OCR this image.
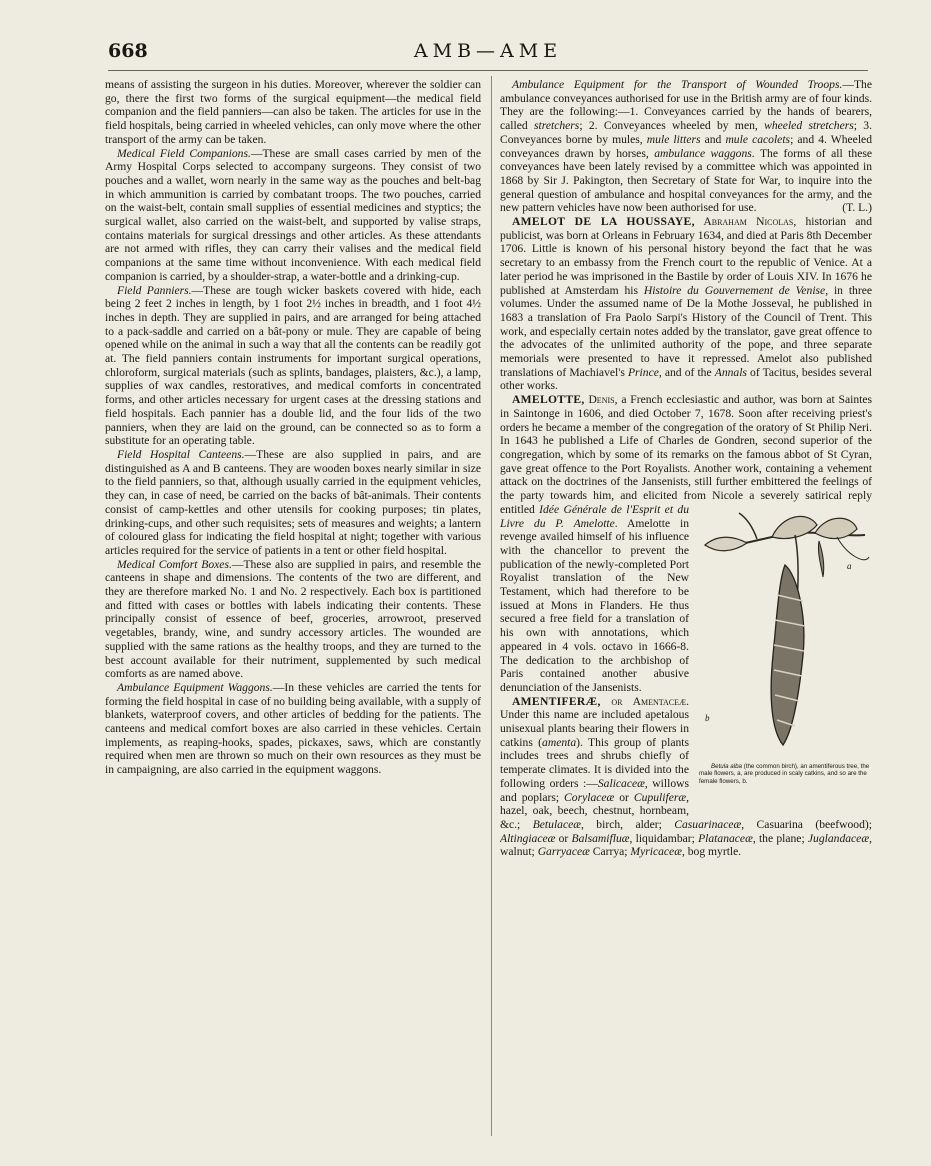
668	AMB—AME

means of assisting the surgeon in his duties. Moreover, wherever the soldier can go, there the first two forms of the surgical equipment—the medical field companion and the field panniers—can also be taken. The articles for use in the field hospitals, being carried in wheeled vehicles, can only move where the other transport of the army can be taken.

Medical Field Companions.—These are small cases carried by men of the Army Hospital Corps selected to accompany surgeons. They consist of two pouches and a wallet, worn nearly in the same way as the pouches and belt-bag in which ammunition is carried by combatant troops. The two pouches, carried on the waist-belt, contain small supplies of essential medicines and styptics; the surgical wallet, also carried on the waist-belt, and supported by valise straps, contains materials for surgical dressings and other articles. As these attendants are not armed with rifles, they can carry their valises and the medical field companions at the same time without inconvenience. With each medical field companion is carried, by a shoulder-strap, a water-bottle and a drinking-cup.

Field Panniers.—These are tough wicker baskets covered with hide, each being 2 feet 2 inches in length, by 1 foot 2½ inches in breadth, and 1 foot 4½ inches in depth. They are supplied in pairs, and are arranged for being attached to a pack-saddle and carried on a bât-pony or mule. They are capable of being opened while on the animal in such a way that all the contents can be readily got at. The field panniers contain instruments for important surgical operations, chloroform, surgical materials (such as splints, bandages, plaisters, &c.), a lamp, supplies of wax candles, restoratives, and medical comforts in concentrated forms, and other articles necessary for urgent cases at the dressing stations and field hospitals. Each pannier has a double lid, and the four lids of the two panniers, when they are laid on the ground, can be connected so as to form a substitute for an operating table.

Field Hospital Canteens.—These are also supplied in pairs, and are distinguished as A and B canteens. They are wooden boxes nearly similar in size to the field panniers, so that, although usually carried in the equipment vehicles, they can, in case of need, be carried on the backs of bât-animals. Their contents consist of camp-kettles and other utensils for cooking purposes; tin plates, drinking-cups, and other such requisites; sets of measures and weights; a lantern of coloured glass for indicating the field hospital at night; together with various articles required for the service of patients in a tent or other field hospital.

Medical Comfort Boxes.—These also are supplied in pairs, and resemble the canteens in shape and dimensions. The contents of the two are different, and they are therefore marked No. 1 and No. 2 respectively. Each box is partitioned and fitted with cases or bottles with labels indicating their contents. These principally consist of essence of beef, groceries, arrowroot, preserved vegetables, brandy, wine, and sundry accessory articles. The wounded are supplied with the same rations as the healthy troops, and they are turned to the best account available for their nutriment, supplemented by such medical comforts as are named above.

Ambulance Equipment Waggons.—In these vehicles are carried the tents for forming the field hospital in case of no building being available, with a supply of blankets, waterproof covers, and other articles of bedding for the patients. The canteens and medical comfort boxes are also carried in these vehicles. Certain implements, as reaping-hooks, spades, pickaxes, saws, which are constantly required when men are thrown so much on their own resources as they must be in campaigning, are also carried in the equipment waggons.

Ambulance Equipment for the Transport of Wounded Troops.—The ambulance conveyances authorised for use in the British army are of four kinds. They are the following:—1. Conveyances carried by the hands of bearers, called stretchers; 2. Conveyances wheeled by men, wheeled stretchers; 3. Conveyances borne by mules, mule litters and mule cacolets; and 4. Wheeled conveyances drawn by horses, ambulance waggons. The forms of all these conveyances have been lately revised by a committee which was appointed in 1868 by Sir J. Pakington, then Secretary of State for War, to inquire into the general question of ambulance and hospital conveyances for the army, and the new pattern vehicles have now been authorised for use.	(T. L.)

AMELOT DE LA HOUSSAYE, Abraham Nicolas, historian and publicist, was born at Orleans in February 1634, and died at Paris 8th December 1706. Little is known of his personal history beyond the fact that he was secretary to an embassy from the French court to the republic of Venice. At a later period he was imprisoned in the Bastile by order of Louis XIV. In 1676 he published at Amsterdam his Histoire du Gouvernement de Venise, in three volumes. Under the assumed name of De la Mothe Josseval, he published in 1683 a translation of Fra Paolo Sarpi's History of the Council of Trent. This work, and especially certain notes added by the translator, gave great offence to the advocates of the unlimited authority of the pope, and three separate memorials were presented to have it repressed. Amelot also published translations of Machiavel's Prince, and of the Annals of Tacitus, besides several other works.

AMELOTTE, Denis, a French ecclesiastic and author, was born at Saintes in Saintonge in 1606, and died October 7, 1678. Soon after receiving priest's orders he became a member of the congregation of the oratory of St Philip Neri. In 1643 he published a Life of Charles de Gondren, second superior of the congregation, which by some of its remarks on the famous abbot of St Cyran, gave great offence to the Port Royalists. Another work, containing a vehement attack on the doctrines of the Jansenists, still further embittered the feelings of the party towards him, and elicited from Nicole a severely satirical reply entitled
a
b
Betula alba (the common birch), an amentiferous tree, the male flowers, a, are produced in scaly catkins, and so are the female flowers, b.
Idée Générale de l'Esprit et du Livre du P. Amelotte. Amelotte in revenge availed himself of his influence with the chancellor to prevent the publication of the newly-completed Port Royalist translation of the New Testament, which had therefore to be issued at Mons in Flanders. He thus secured a free field for a translation of his own with annotations, which appeared in 4 vols. octavo in 1666-8. The dedication to the archbishop of Paris contained another abusive denunciation of the Jansenists.

AMENTIFERÆ, or Amentaceæ. Under this name are included apetalous unisexual plants bearing their flowers in catkins (amenta). This group of plants includes trees and shrubs chiefly of temperate climates. It is divided into the following orders :—Salicaceæ, willows and poplars; Corylaceæ or Cupuliferæ, hazel, oak, beech, chestnut, hornbeam, &c.; Betulaceæ, birch, alder; Casuarinaceæ, Casuarina (beefwood); Altingiaceæ or Balsamifluæ, liquidambar; Platanaceæ, the plane; Juglandaceæ, walnut; Garryaceæ Carrya; Myricaceæ, bog myrtle.
